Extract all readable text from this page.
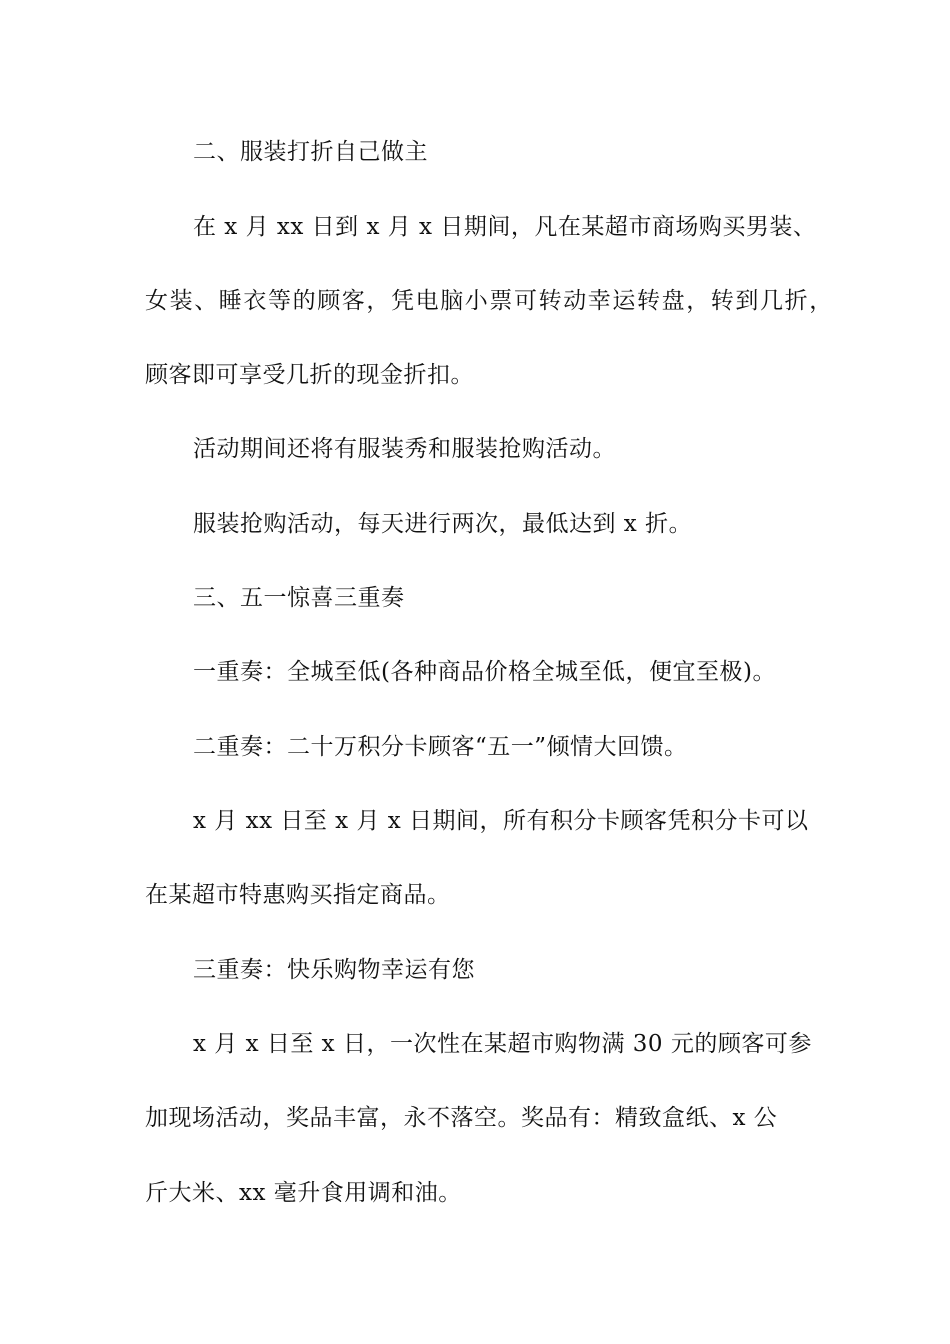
二、服装打折自己做主
在 x 月 xx 日到 x 月 x 日期间，凡在某超市商场购买男装、
女装、睡衣等的顾客，凭电脑小票可转动幸运转盘，转到几折，
顾客即可享受几折的现金折扣。
活动期间还将有服装秀和服装抢购活动。
服装抢购活动，每天进行两次，最低达到 x 折。
三、五一惊喜三重奏
一重奏：全城至低(各种商品价格全城至低，便宜至极)。
二重奏：二十万积分卡顾客“五一”倾情大回馈。
x 月 xx 日至 x 月 x 日期间，所有积分卡顾客凭积分卡可以
在某超市特惠购买指定商品。
三重奏：快乐购物幸运有您
x 月 x 日至 x 日，一次性在某超市购物满 30 元的顾客可参
加现场活动，奖品丰富，永不落空。奖品有：精致盒纸、x 公
斤大米、xx 毫升食用调和油。
